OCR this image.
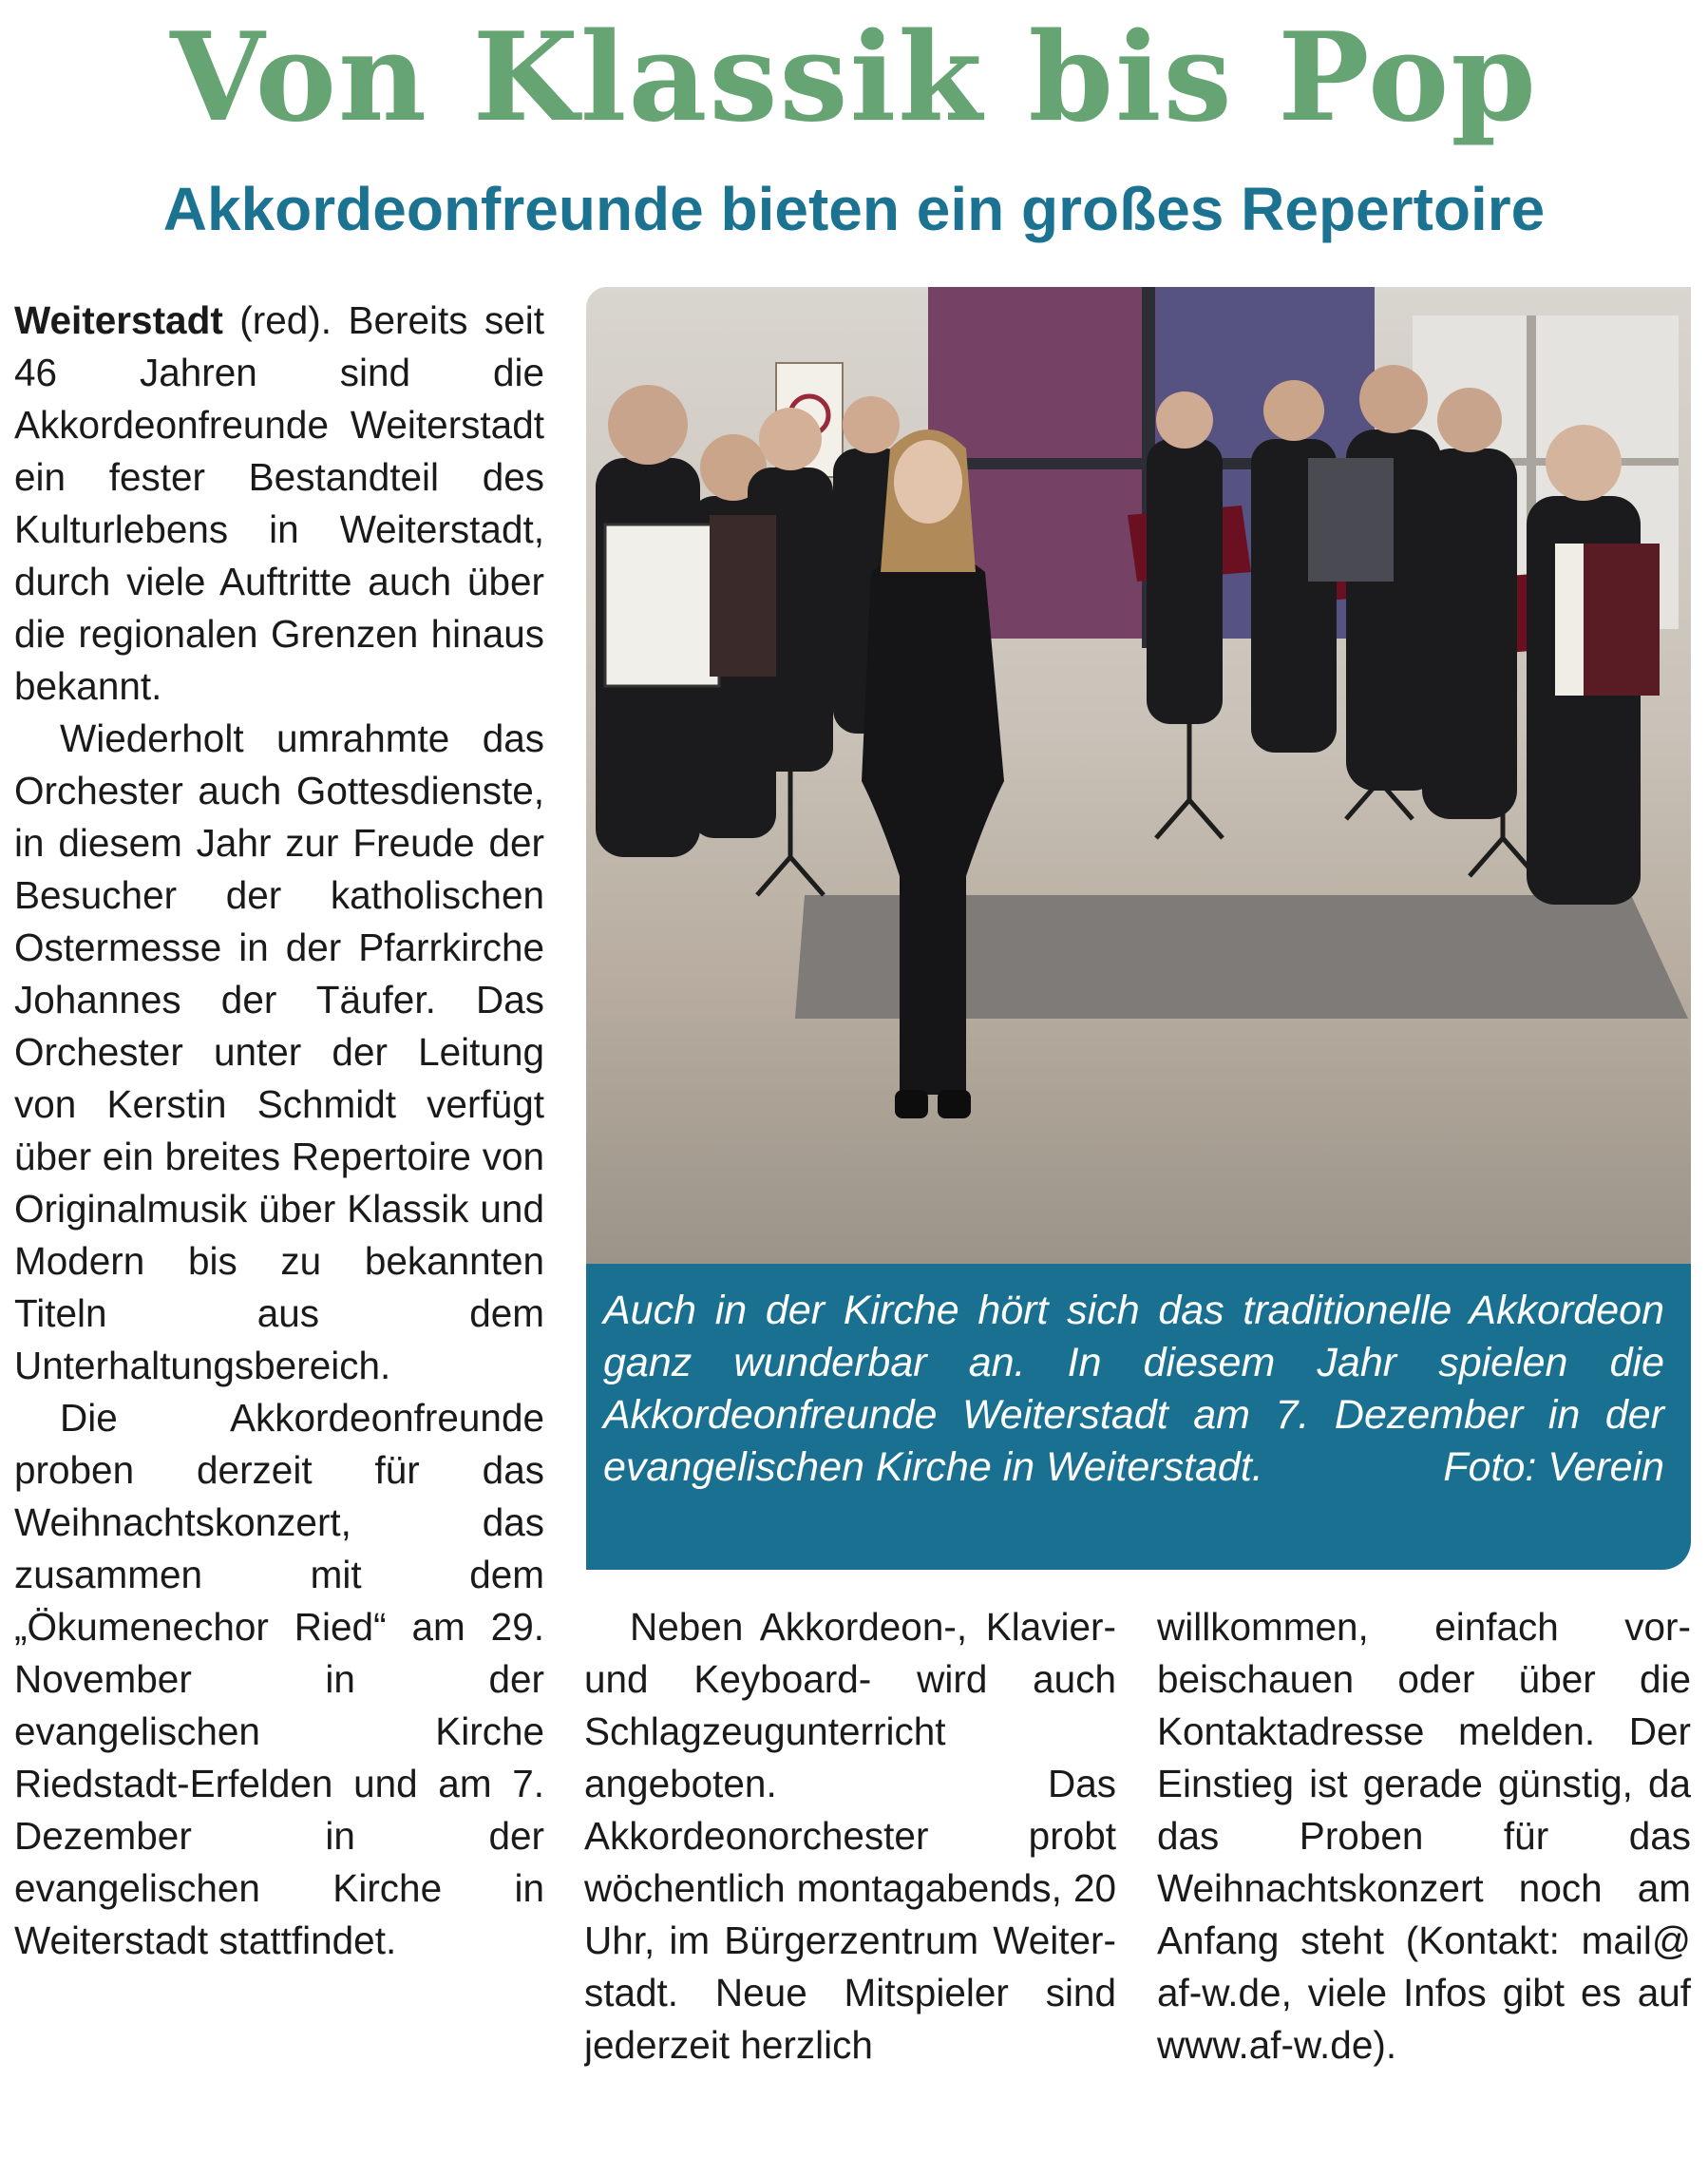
Von Klassik bis Pop
Akkordeonfreunde bieten ein großes Repertoire

Weiterstadt (red). Bereits seit 46 Jahren sind die Akkordeonfreunde Weiterstadt ein fester Bestandteil des Kulturlebens in Weiterstadt, durch viele Auftritte auch über die regionalen Grenzen hinaus bekannt.

Wiederholt umrahmte das Orchester auch Gottesdienste, in diesem Jahr zur Freude der Besucher der katholischen Ostermesse in der Pfarrkirche Johannes der Täufer. Das Orchester unter der Leitung von Kerstin Schmidt verfügt über ein breites Repertoire von Originalmusik über Klassik und Modern bis zu bekannten Titeln aus dem Unterhaltungsbereich.

Die Akkordeonfreunde proben derzeit für das Weihnachtskonzert, das zusammen mit dem „Ökumenechor Ried“ am 29. November in der evangelischen Kirche Riedstadt-Erfelden und am 7. Dezember in der evangelischen Kirche in Weiterstadt stattfindet.

Auch in der Kirche hört sich das traditionelle Akkordeon ganz wunderbar an. In diesem Jahr spielen die Akkordeonfreunde Weiterstadt am 7. Dezember in der evangelischen Kirche in Weiterstadt.	Foto: Verein

Neben Akkordeon-, Klavier- und Keyboard- wird auch Schlagzeugunterricht angeboten. Das Akkordeonorchester probt wöchentlich montagabends, 20 Uhr, im Bürgerzentrum Weiterstadt. Neue Mitspieler sind jederzeit herzlich

willkommen, einfach vorbeischauen oder über die Kontaktadresse melden. Der Einstieg ist gerade günstig, da das Proben für das Weihnachtskonzert noch am Anfang steht (Kontakt: mail@ af-w.de, viele Infos gibt es auf www.af-w.de).
